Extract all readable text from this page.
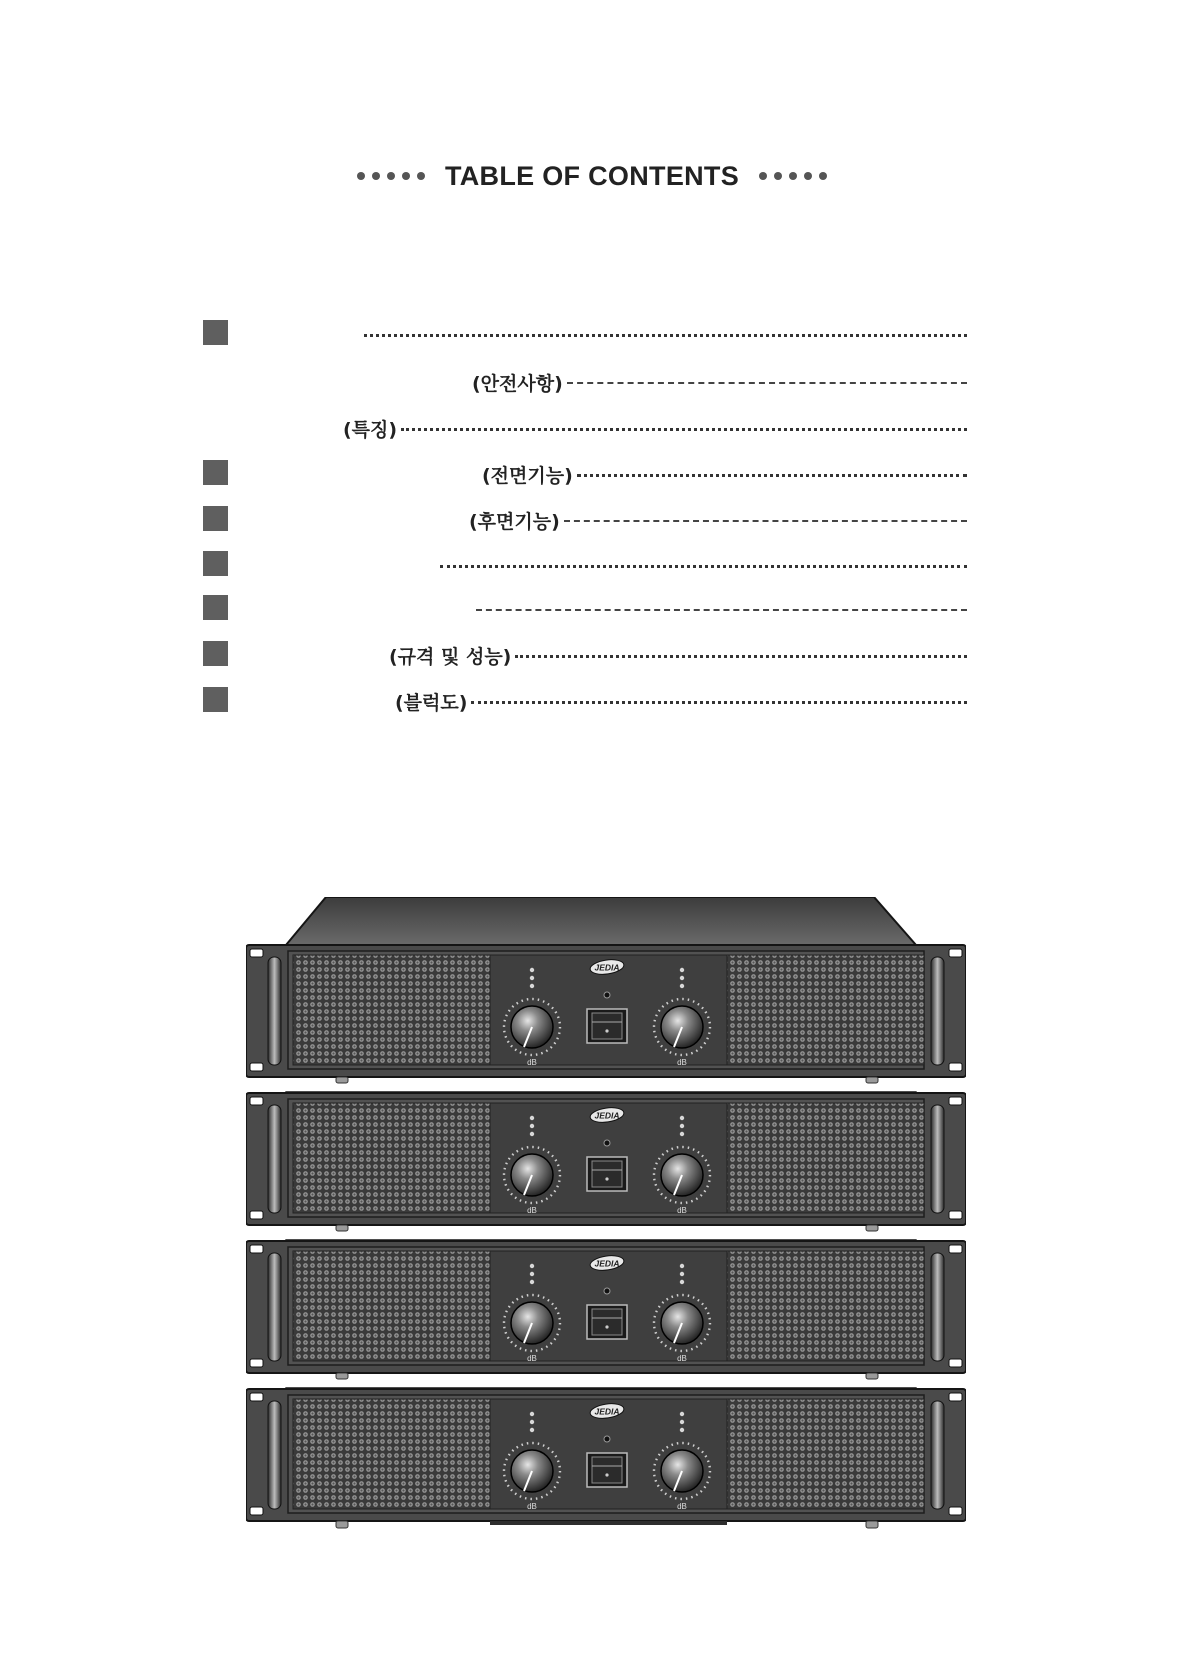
TABLE OF CONTENTS
(안전사항)
(특징)
(전면기능)
(후면기능)
(규격 및 성능)
(블럭도)
